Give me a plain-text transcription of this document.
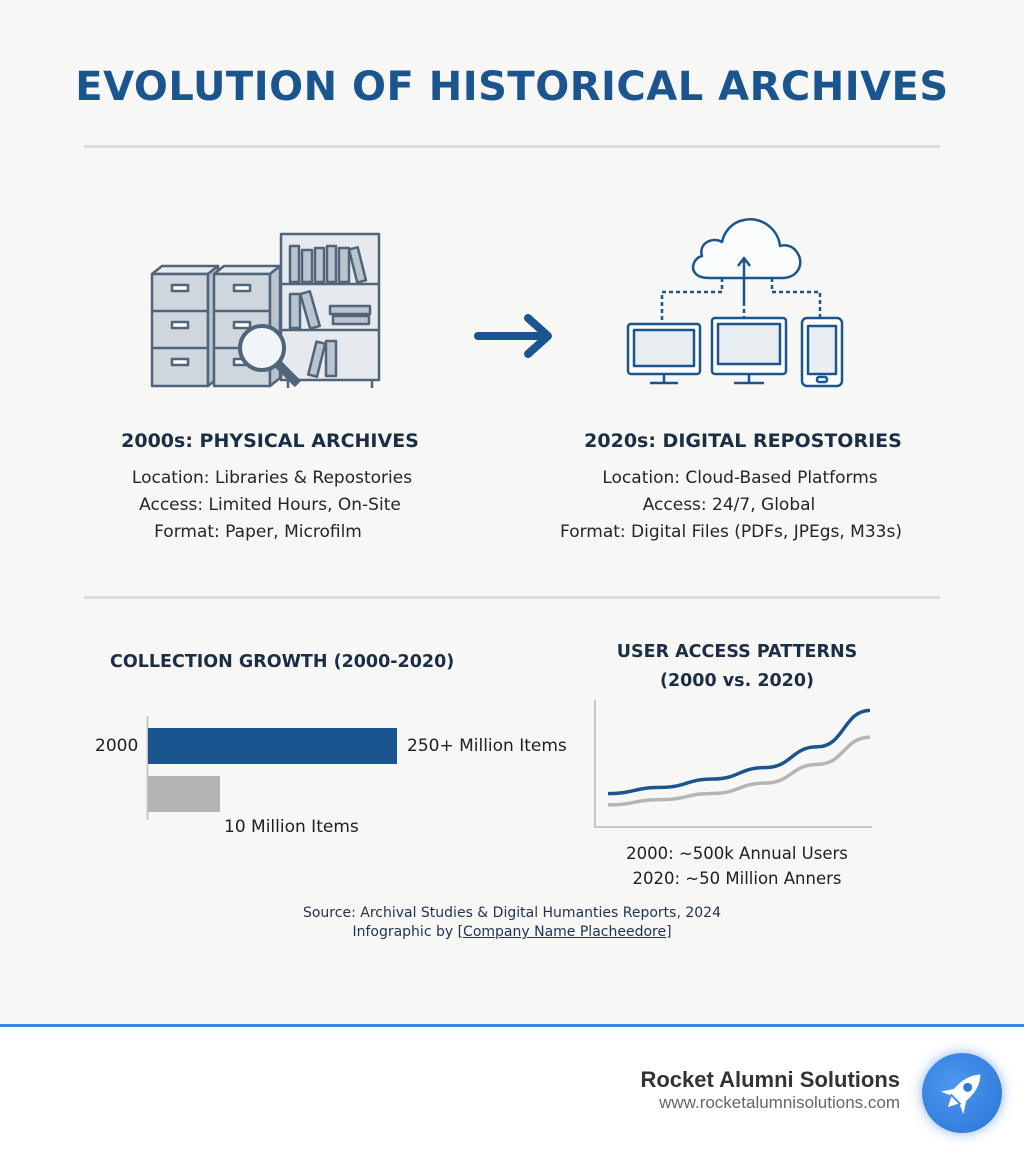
EVOLUTION OF HISTORICAL ARCHIVES
2000s: PHYSICAL ARCHIVES
Location: Libraries & Repostories
Access: Limited Hours, On-Site
Format: Paper, Microfilm
2020s: DIGITAL REPOSTORIES
Location: Cloud-Based Platforms
Access: 24/7, Global
Format: Digital Files (PDFs, JPEgs, M33s)
COLLECTION GROWTH (2000-2020)
2000	250+ Million Items
10 Million Items
USER ACCESS PATTERNS
(2000 vs. 2020)
2000: ~500k Annual Users
2020: ~50 Million Anners
Source: Archival Studies & Digital Humanties Reports, 2024
Infographic by [Company Name Placheedore]
Rocket Alumni Solutions
www.rocketalumnisolutions.com
